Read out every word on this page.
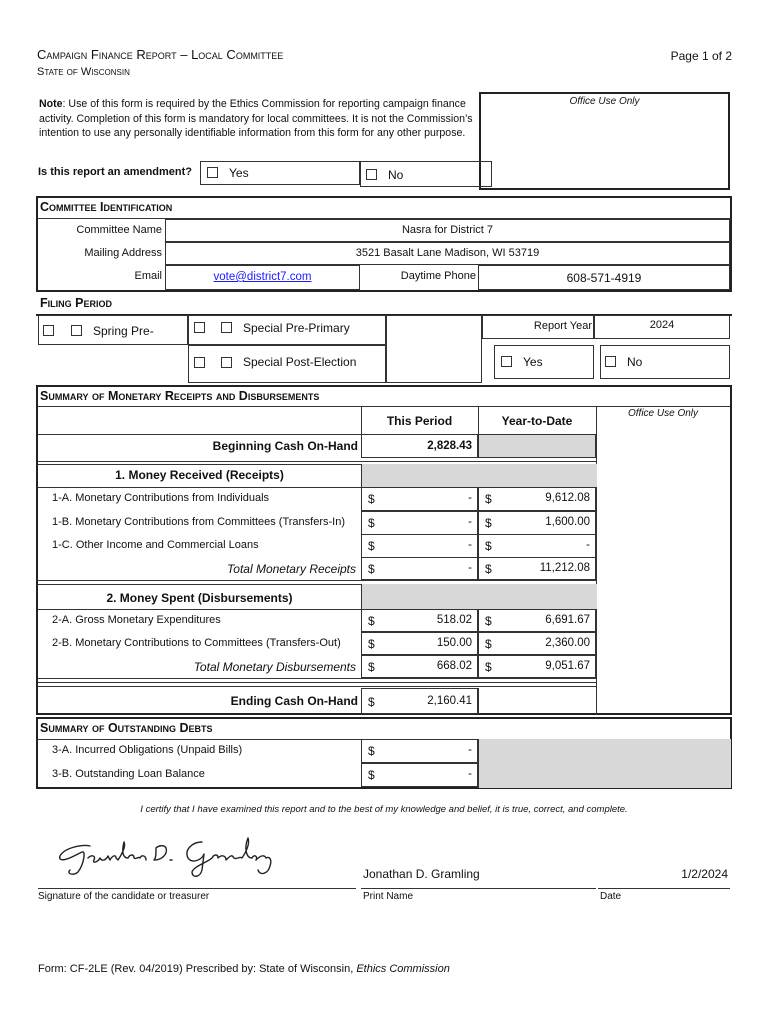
Campaign Finance Report – Local Committee
State of Wisconsin
Page 1 of 2
Note: Use of this form is required by the Ethics Commission for reporting campaign finance activity. Completion of this form is mandatory for local committees. It is not the Commission’s intention to use any personally identifiable information from this form for any other purpose.
Office Use Only
Is this report an amendment?	Yes	No
Committee Identification
Committee Name	Nasra for District 7
Mailing Address	3521 Basalt Lane Madison, WI 53719
Email	vote@district7.com	Daytime Phone	608-571-4919
Filing Period
Spring Pre-	Special Pre-Primary
Special Post-Election
Report Year	2024
Yes	No
Summary of Monetary Receipts and Disbursements
Office Use Only
This Period	Year-to-Date
Beginning Cash On-Hand	2,828.43
1. Money Received (Receipts)
1-A. Monetary Contributions from Individuals	$	- $	9,612.08
1-B. Monetary Contributions from Committees (Transfers-In)	$	- $	1,600.00
1-C. Other Income and Commercial Loans	$	- $	-
Total Monetary Receipts $	- $	11,212.08
2. Money Spent (Disbursements)
2-A. Gross Monetary Expenditures	$	518.02 $	6,691.67
2-B. Monetary Contributions to Committees (Transfers-Out)	$	150.00 $	2,360.00
Total Monetary Disbursements $	668.02 $	9,051.67
Ending Cash On-Hand $	2,160.41
Summary of Outstanding Debts
3-A. Incurred Obligations (Unpaid Bills)	$	-
3-B. Outstanding Loan Balance	$	-
I certify that I have examined this report and to the best of my knowledge and belief, it is true, correct, and complete.
Signature of the candidate or treasurer
Jonathan D. Gramling
Print Name
1/2/2024
Date
Form: CF-2LE (Rev. 04/2019) Prescribed by: State of Wisconsin, Ethics Commission
